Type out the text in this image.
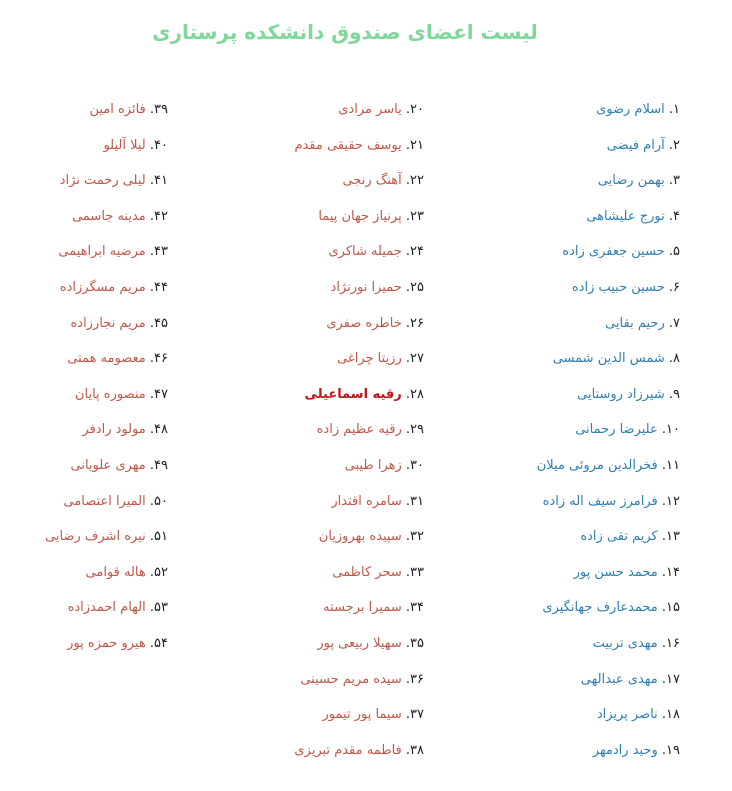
لیست اعضای صندوق دانشکده پرستاری
۱. اسلام رضوی
۲. آرام فیضی
۳. بهمن رضایی
۴. تورج علیشاهی
۵. حسین جعفری زاده
۶. حسین حبیب زاده
۷. رحیم بقایی
۸. شمس الدین شمسی
۹. شیرزاد روستایی
۱۰. علیرضا رحمانی
۱۱. فخرالدین مروئی میلان
۱۲. فرامرز سیف اله زاده
۱۳. کریم تقی زاده
۱۴. محمد حسن پور
۱۵. محمدعارف جهانگیری
۱۶. مهدی تربیت
۱۷. مهدی عبدالهی
۱۸. ناصر پریزاد
۱۹. وحید رادمهر
۲۰. یاسر مرادی
۲۱. یوسف حقیقی مقدم
۲۲. آهنگ رنجی
۲۳. پرنیاز جهان پیما
۲۴. جمیله شاکری
۲۵. حمیرا نورنژاد
۲۶. خاطره صفری
۲۷. رزیتا چراغی
۲۸. رقیه اسماعیلی
۲۹. رقیه عظیم زاده
۳۰. زهرا طیبی
۳۱. سامره اقتدار
۳۲. سپیده بهروزیان
۳۳. سحر کاظمی
۳۴. سمیرا برجسته
۳۵. سهیلا ربیعی پور
۳۶. سیده مریم حسینی
۳۷. سیما پور تیمور
۳۸. فاطمه مقدم تبریزی
۳۹. فائزه امین
۴۰. لیلا آلیلو
۴۱. لیلی رحمت نژاد
۴۲. مدینه جاسمی
۴۳. مرضیه ابراهیمی
۴۴. مریم مسگرزاده
۴۵. مریم نجارزاده
۴۶. معصومه همتی
۴۷. منصوره پایان
۴۸. مولود رادفر
۴۹. مهری علویانی
۵۰. المیرا اعتصامی
۵۱. نیره اشرف رضایی
۵۲. هاله قوامی
۵۳. الهام احمدزاده
۵۴. هیرو حمزه پور
